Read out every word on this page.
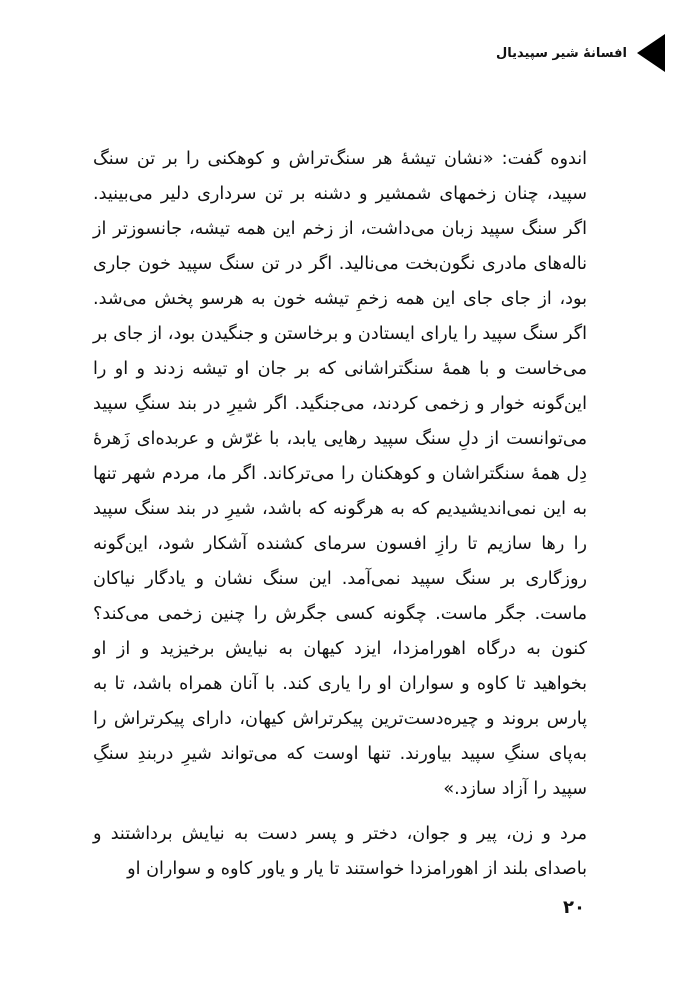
افسانهٔ شیر سپیدیال

اندوه گفت: «نشان تیشهٔ هر سنگ‌تراش و کوهکنی را بر تن سنگ سپید، چنان زخمهای شمشیر و دشنه بر تن سرداری دلیر می‌بینید. اگر سنگ سپید زبان می‌داشت، از زخم این همه تیشه، جانسوزتر از ناله‌های مادری نگون‌بخت می‌نالید. اگر در تن سنگ سپید خون جاری بود، از جای جای این همه زخمِ تیشه خون به هرسو پخش می‌شد. اگر سنگ سپید را یارای ایستادن و برخاستن و جنگیدن بود، از جای بر می‌خاست و با همهٔ سنگتراشانی که بر جان او تیشه زدند و او را این‌گونه خوار و زخمی کردند، می‌جنگید. اگر شیرِ در بند سنگِ سپید می‌توانست از دلِ سنگ سپید رهایی یابد، با غرّش و عربده‌ای زَهرهٔ دِل همهٔ سنگتراشان و کوهکنان را می‌ترکاند. اگر ما، مردم شهر تنها به این نمی‌اندیشیدیم که به هرگونه که باشد، شیرِ در بند سنگ سپید را رها سازیم تا رازِ افسون سرمای کشنده آشکار شود، این‌گونه روزگاری بر سنگ سپید نمی‌آمد. این سنگ نشان و یادگار نیاکان ماست. جگر ماست. چگونه کسی جگرش را چنین زخمی می‌کند؟ کنون به درگاه اهورامزدا، ایزد کیهان به نیایش برخیزید و از او بخواهید تا کاوه و سواران او را یاری کند. با آنان همراه باشد، تا به پارس بروند و چیره‌دست‌ترین پیکرتراش کیهان، دارای پیکرتراش را به‌پای سنگِ سپید بیاورند. تنها اوست که می‌تواند شیرِ دربندِ سنگِ سپید را آزاد سازد.»

مرد و زن، پیر و جوان، دختر و پسر دست به نیایش برداشتند و باصدای بلند از اهورامزدا خواستند تا یار و یاور کاوه و سواران او

۲۰
